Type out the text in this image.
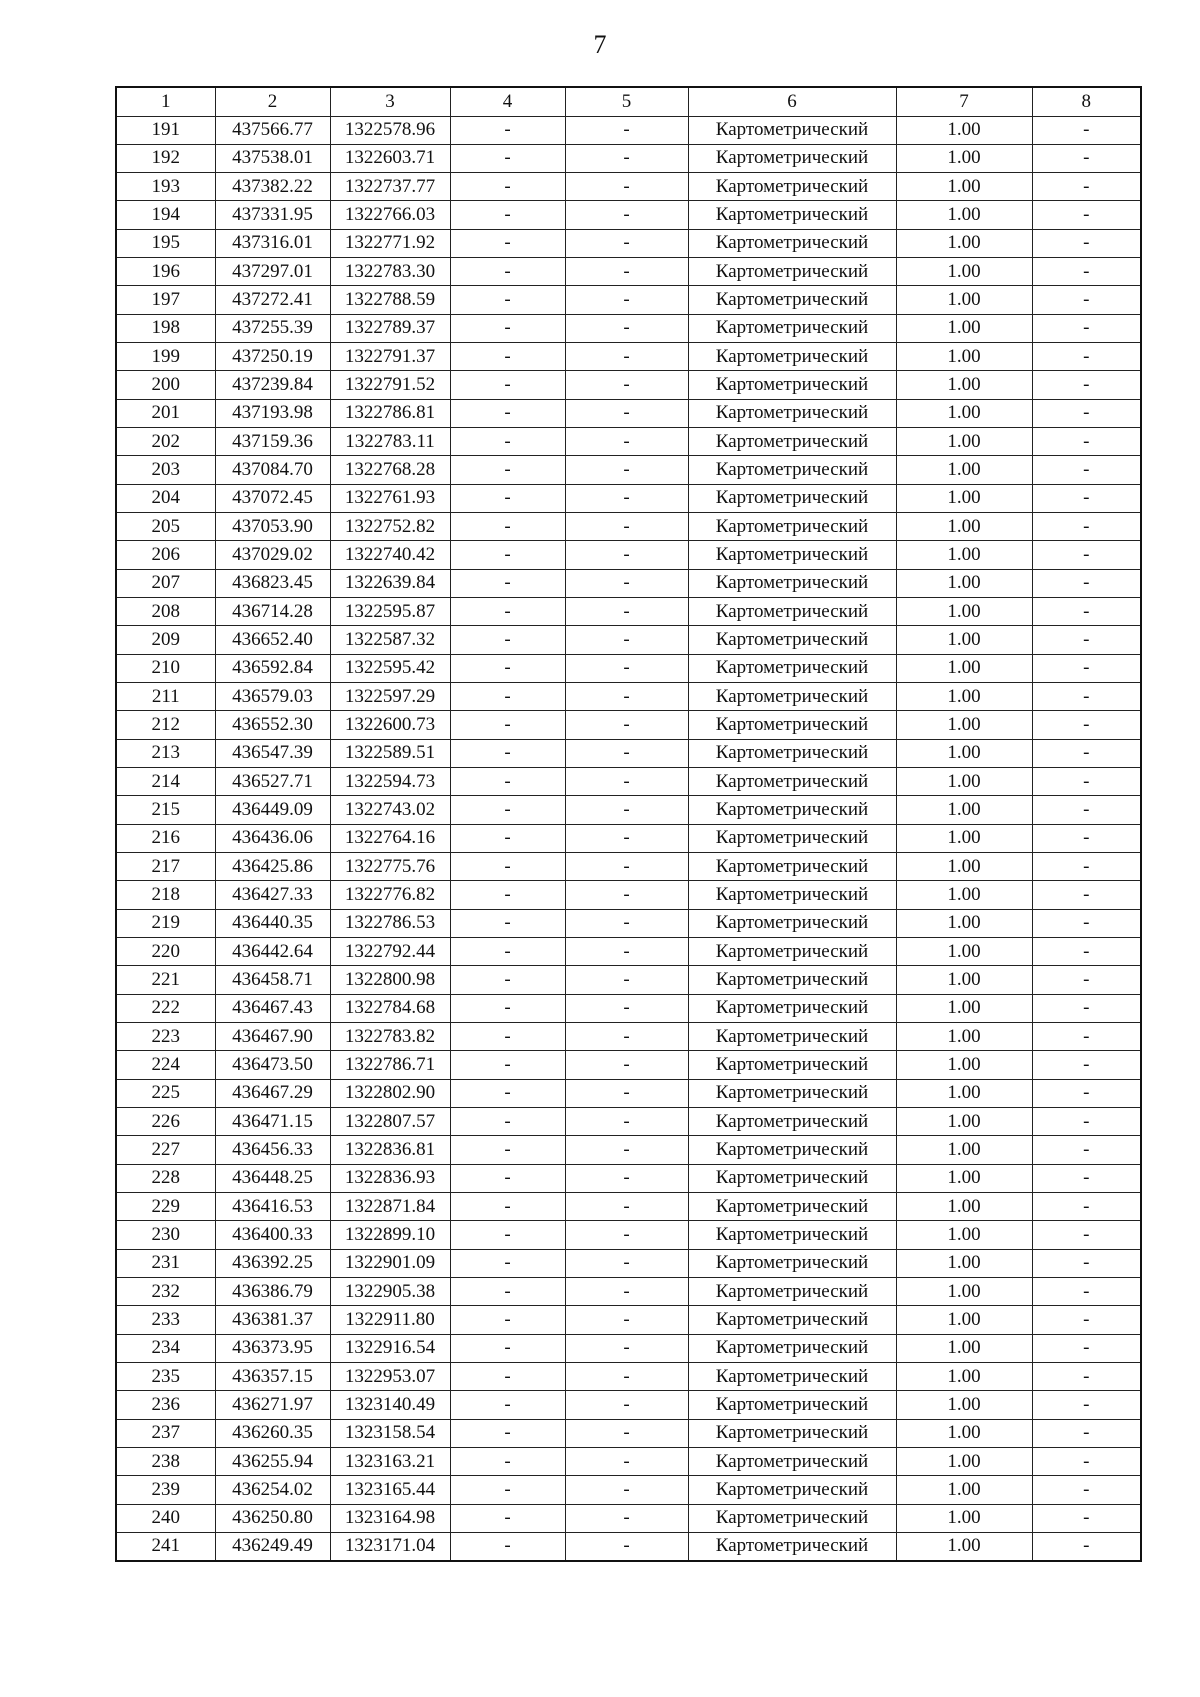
7
1	2	3	4	5	6	7	8
191	437566.77	1322578.96	-	-	Картометрический	1.00	-
192	437538.01	1322603.71	-	-	Картометрический	1.00	-
193	437382.22	1322737.77	-	-	Картометрический	1.00	-
194	437331.95	1322766.03	-	-	Картометрический	1.00	-
195	437316.01	1322771.92	-	-	Картометрический	1.00	-
196	437297.01	1322783.30	-	-	Картометрический	1.00	-
197	437272.41	1322788.59	-	-	Картометрический	1.00	-
198	437255.39	1322789.37	-	-	Картометрический	1.00	-
199	437250.19	1322791.37	-	-	Картометрический	1.00	-
200	437239.84	1322791.52	-	-	Картометрический	1.00	-
201	437193.98	1322786.81	-	-	Картометрический	1.00	-
202	437159.36	1322783.11	-	-	Картометрический	1.00	-
203	437084.70	1322768.28	-	-	Картометрический	1.00	-
204	437072.45	1322761.93	-	-	Картометрический	1.00	-
205	437053.90	1322752.82	-	-	Картометрический	1.00	-
206	437029.02	1322740.42	-	-	Картометрический	1.00	-
207	436823.45	1322639.84	-	-	Картометрический	1.00	-
208	436714.28	1322595.87	-	-	Картометрический	1.00	-
209	436652.40	1322587.32	-	-	Картометрический	1.00	-
210	436592.84	1322595.42	-	-	Картометрический	1.00	-
211	436579.03	1322597.29	-	-	Картометрический	1.00	-
212	436552.30	1322600.73	-	-	Картометрический	1.00	-
213	436547.39	1322589.51	-	-	Картометрический	1.00	-
214	436527.71	1322594.73	-	-	Картометрический	1.00	-
215	436449.09	1322743.02	-	-	Картометрический	1.00	-
216	436436.06	1322764.16	-	-	Картометрический	1.00	-
217	436425.86	1322775.76	-	-	Картометрический	1.00	-
218	436427.33	1322776.82	-	-	Картометрический	1.00	-
219	436440.35	1322786.53	-	-	Картометрический	1.00	-
220	436442.64	1322792.44	-	-	Картометрический	1.00	-
221	436458.71	1322800.98	-	-	Картометрический	1.00	-
222	436467.43	1322784.68	-	-	Картометрический	1.00	-
223	436467.90	1322783.82	-	-	Картометрический	1.00	-
224	436473.50	1322786.71	-	-	Картометрический	1.00	-
225	436467.29	1322802.90	-	-	Картометрический	1.00	-
226	436471.15	1322807.57	-	-	Картометрический	1.00	-
227	436456.33	1322836.81	-	-	Картометрический	1.00	-
228	436448.25	1322836.93	-	-	Картометрический	1.00	-
229	436416.53	1322871.84	-	-	Картометрический	1.00	-
230	436400.33	1322899.10	-	-	Картометрический	1.00	-
231	436392.25	1322901.09	-	-	Картометрический	1.00	-
232	436386.79	1322905.38	-	-	Картометрический	1.00	-
233	436381.37	1322911.80	-	-	Картометрический	1.00	-
234	436373.95	1322916.54	-	-	Картометрический	1.00	-
235	436357.15	1322953.07	-	-	Картометрический	1.00	-
236	436271.97	1323140.49	-	-	Картометрический	1.00	-
237	436260.35	1323158.54	-	-	Картометрический	1.00	-
238	436255.94	1323163.21	-	-	Картометрический	1.00	-
239	436254.02	1323165.44	-	-	Картометрический	1.00	-
240	436250.80	1323164.98	-	-	Картометрический	1.00	-
241	436249.49	1323171.04	-	-	Картометрический	1.00	-
